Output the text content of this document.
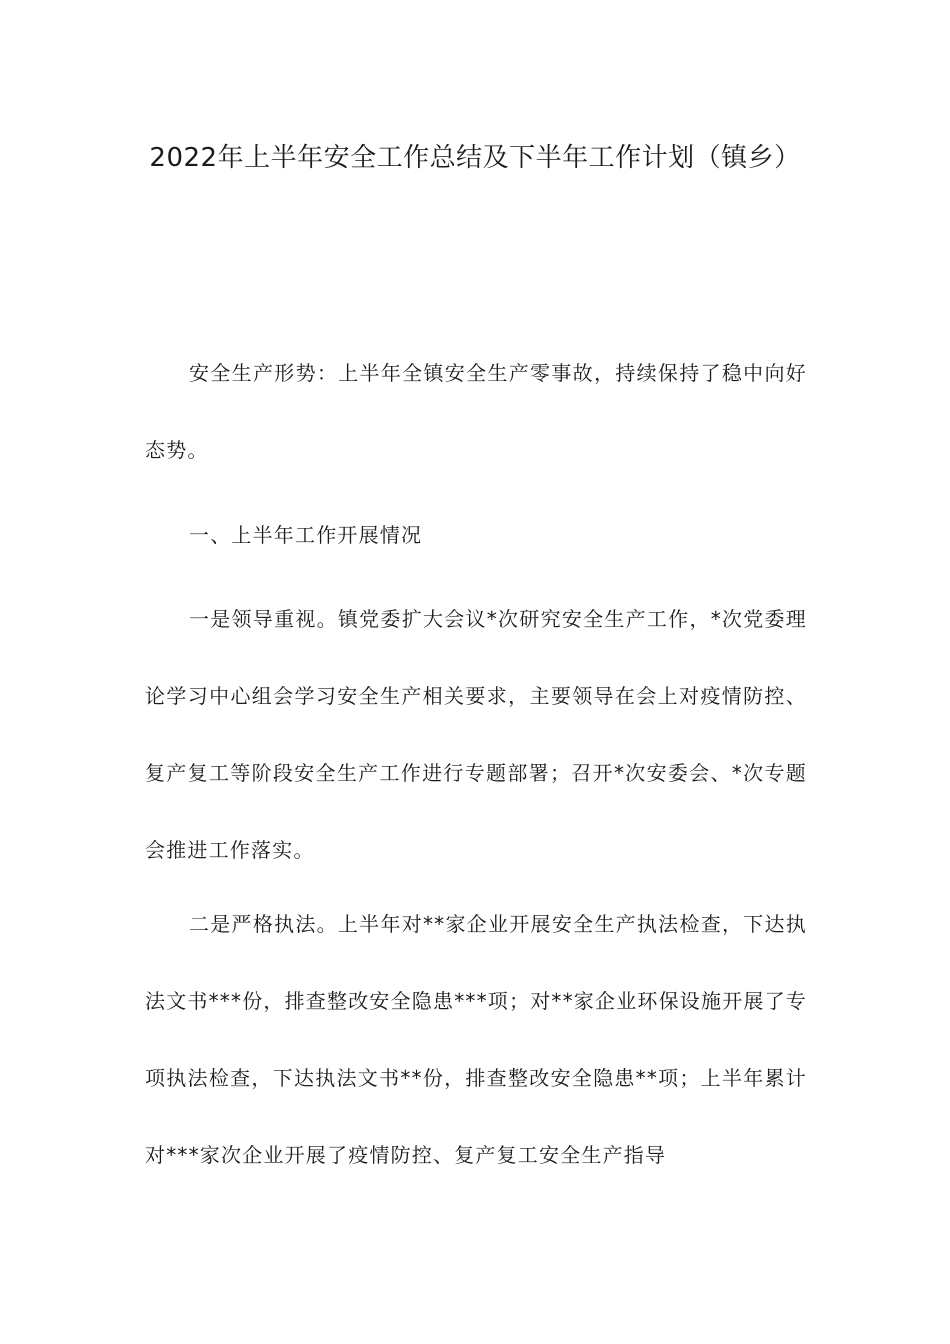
2022年上半年安全工作总结及下半年工作计划（镇乡）

安全生产形势：上半年全镇安全生产零事故，持续保持了稳中向好态势。

一、上半年工作开展情况

一是领导重视。镇党委扩大会议*次研究安全生产工作，*次党委理论学习中心组会学习安全生产相关要求，主要领导在会上对疫情防控、复产复工等阶段安全生产工作进行专题部署；召开*次安委会、*次专题会推进工作落实。

二是严格执法。上半年对**家企业开展安全生产执法检查，下达执法文书***份，排查整改安全隐患***项；对**家企业环保设施开展了专项执法检查，下达执法文书**份，排查整改安全隐患**项；上半年累计对***家次企业开展了疫情防控、复产复工安全生产指导
